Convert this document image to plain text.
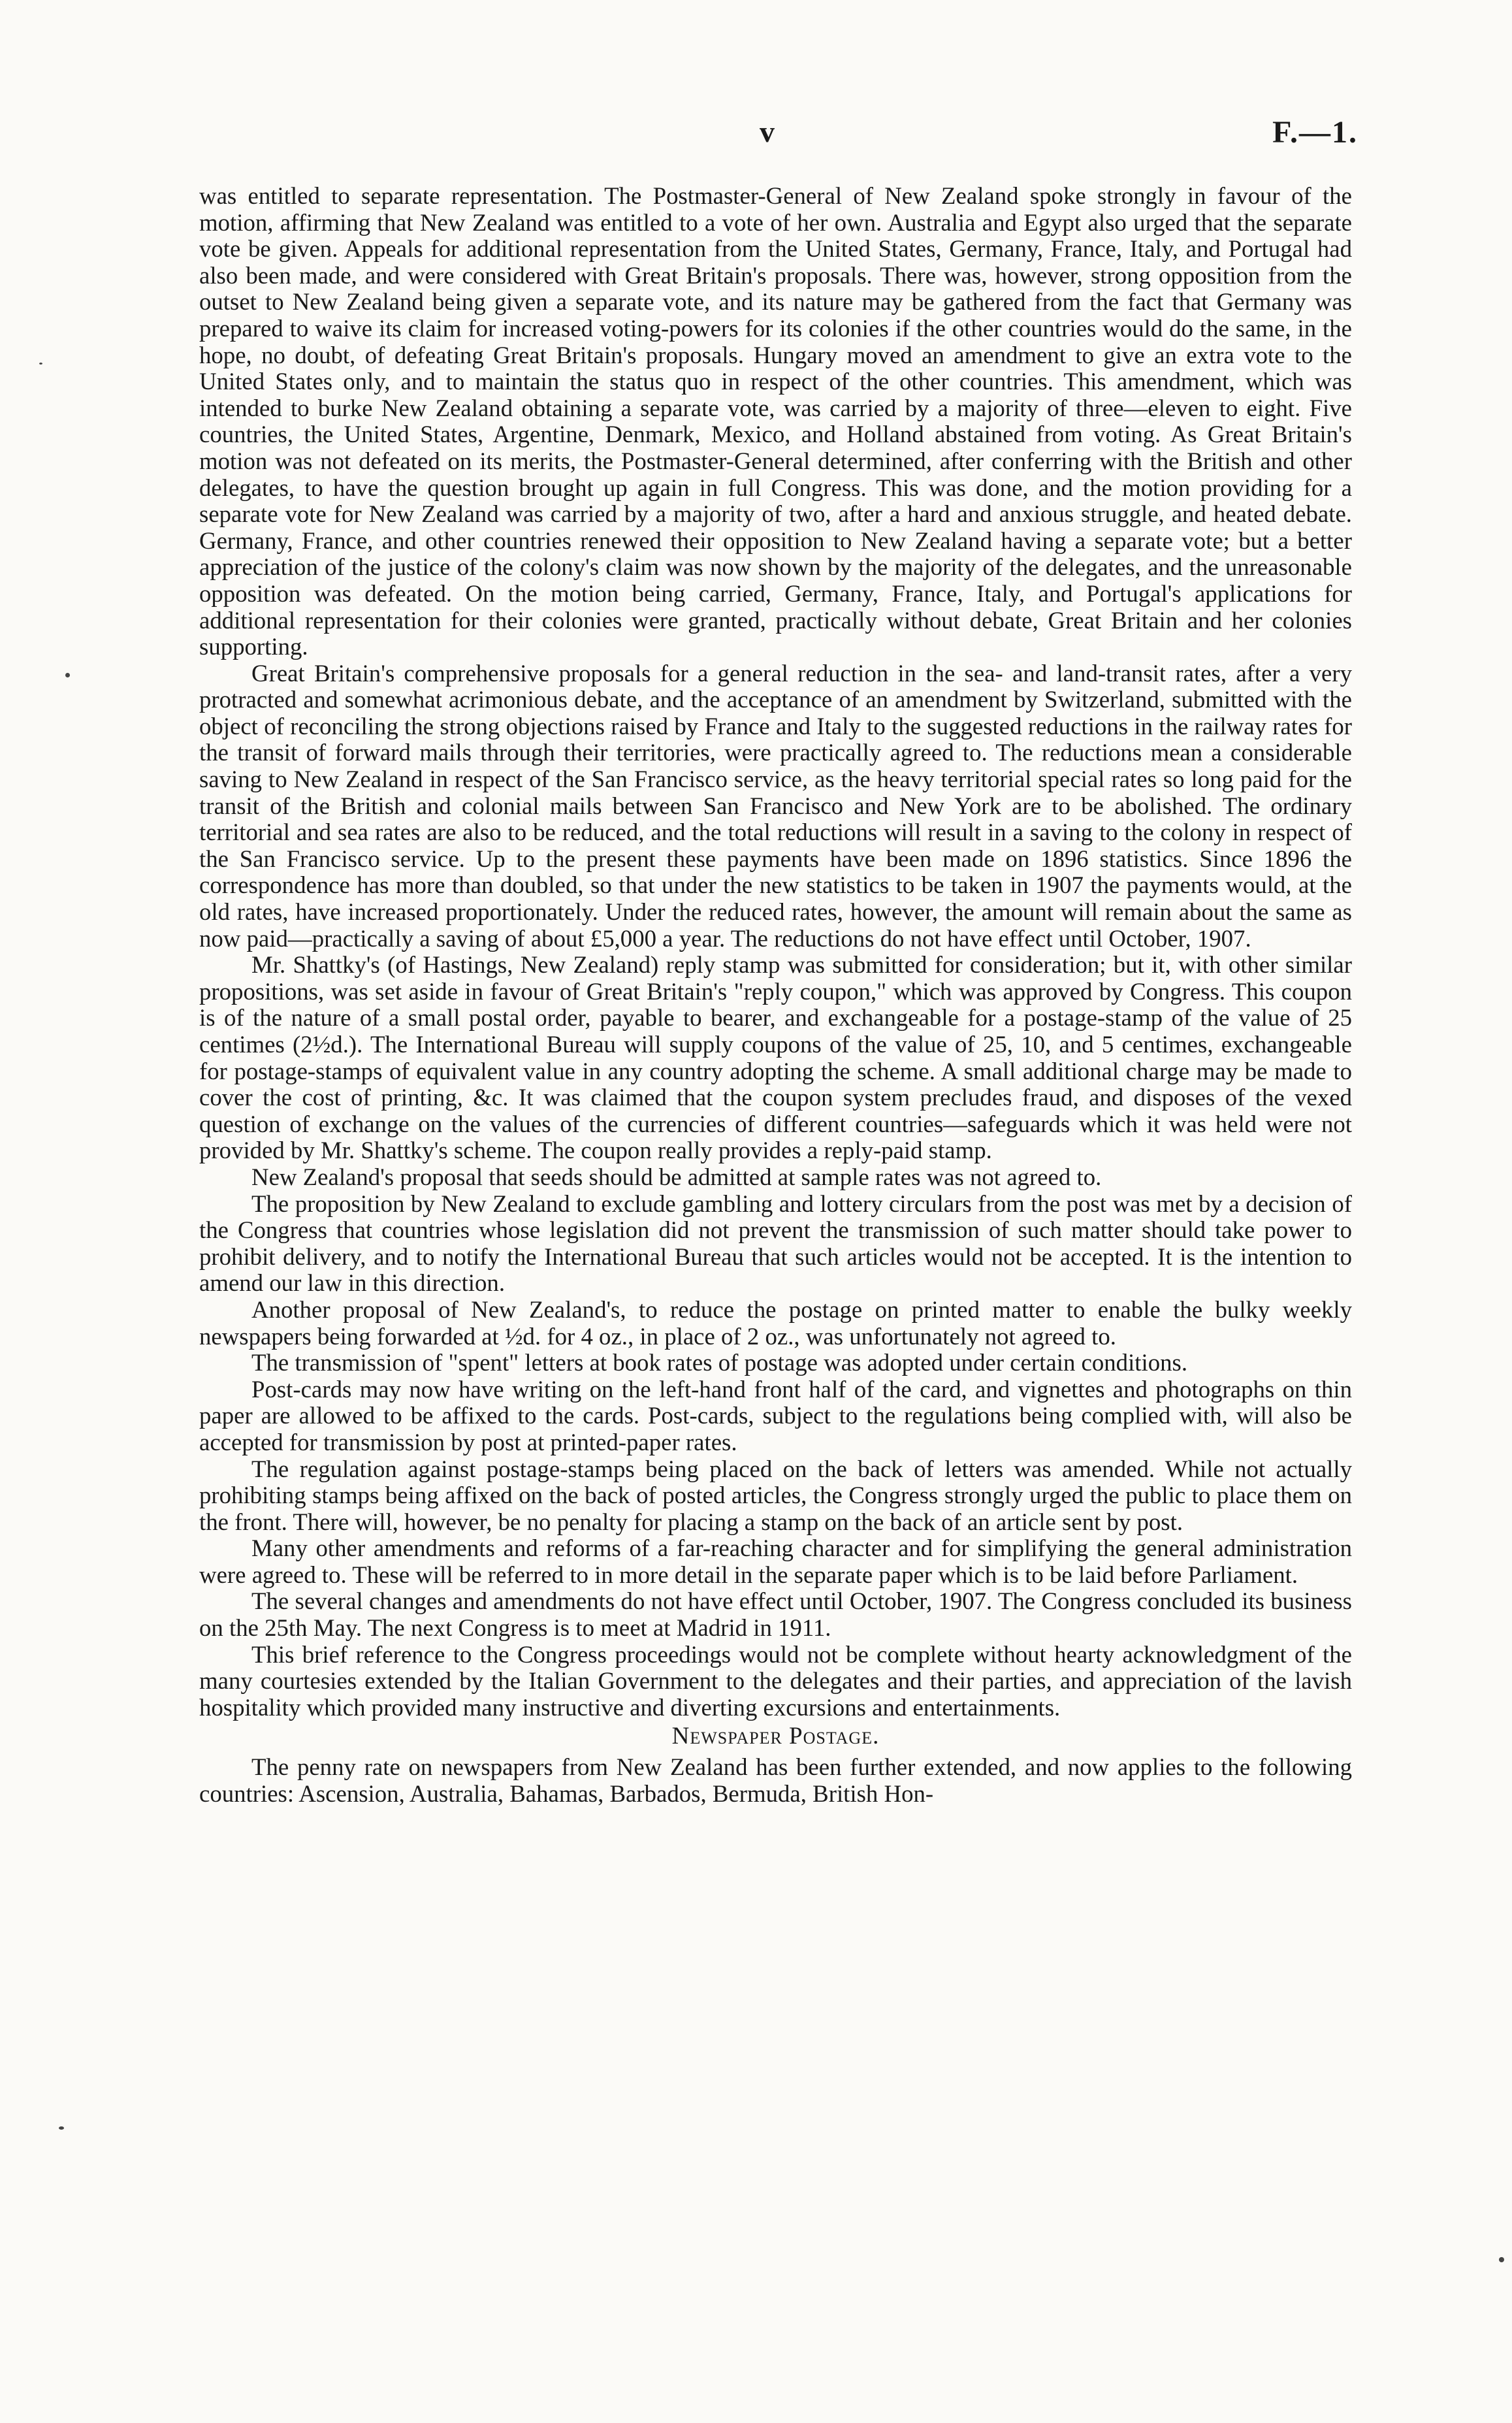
v	F.—1.

was entitled to separate representation. The Postmaster-General of New Zealand spoke strongly in favour of the motion, affirming that New Zealand was entitled to a vote of her own. Australia and Egypt also urged that the separate vote be given. Appeals for additional representation from the United States, Germany, France, Italy, and Portugal had also been made, and were considered with Great Britain's proposals. There was, however, strong opposition from the outset to New Zealand being given a separate vote, and its nature may be gathered from the fact that Germany was prepared to waive its claim for increased voting-powers for its colonies if the other countries would do the same, in the hope, no doubt, of defeating Great Britain's proposals. Hungary moved an amendment to give an extra vote to the United States only, and to maintain the status quo in respect of the other countries. This amendment, which was intended to burke New Zealand obtaining a separate vote, was carried by a majority of three—eleven to eight. Five countries, the United States, Argentine, Denmark, Mexico, and Holland abstained from voting. As Great Britain's motion was not defeated on its merits, the Postmaster-General determined, after conferring with the British and other delegates, to have the question brought up again in full Congress. This was done, and the motion providing for a separate vote for New Zealand was carried by a majority of two, after a hard and anxious struggle, and heated debate. Germany, France, and other countries renewed their opposition to New Zealand having a separate vote; but a better appreciation of the justice of the colony's claim was now shown by the majority of the delegates, and the unreasonable opposition was defeated. On the motion being carried, Germany, France, Italy, and Portugal's applications for additional representation for their colonies were granted, practically without debate, Great Britain and her colonies supporting.

Great Britain's comprehensive proposals for a general reduction in the sea- and land-transit rates, after a very protracted and somewhat acrimonious debate, and the acceptance of an amendment by Switzerland, submitted with the object of reconciling the strong objections raised by France and Italy to the suggested reductions in the railway rates for the transit of forward mails through their territories, were practically agreed to. The reductions mean a considerable saving to New Zealand in respect of the San Francisco service, as the heavy territorial special rates so long paid for the transit of the British and colonial mails between San Francisco and New York are to be abolished. The ordinary territorial and sea rates are also to be reduced, and the total reductions will result in a saving to the colony in respect of the San Francisco service. Up to the present these payments have been made on 1896 statistics. Since 1896 the correspondence has more than doubled, so that under the new statistics to be taken in 1907 the payments would, at the old rates, have increased proportionately. Under the reduced rates, however, the amount will remain about the same as now paid—practically a saving of about £5,000 a year. The reductions do not have effect until October, 1907.

Mr. Shattky's (of Hastings, New Zealand) reply stamp was submitted for consideration; but it, with other similar propositions, was set aside in favour of Great Britain's "reply coupon," which was approved by Congress. This coupon is of the nature of a small postal order, payable to bearer, and exchangeable for a postage-stamp of the value of 25 centimes (2½d.). The International Bureau will supply coupons of the value of 25, 10, and 5 centimes, exchangeable for postage-stamps of equivalent value in any country adopting the scheme. A small additional charge may be made to cover the cost of printing, &c. It was claimed that the coupon system precludes fraud, and disposes of the vexed question of exchange on the values of the currencies of different countries—safeguards which it was held were not provided by Mr. Shattky's scheme. The coupon really provides a reply-paid stamp.

New Zealand's proposal that seeds should be admitted at sample rates was not agreed to.

The proposition by New Zealand to exclude gambling and lottery circulars from the post was met by a decision of the Congress that countries whose legislation did not prevent the transmission of such matter should take power to prohibit delivery, and to notify the International Bureau that such articles would not be accepted. It is the intention to amend our law in this direction.

Another proposal of New Zealand's, to reduce the postage on printed matter to enable the bulky weekly newspapers being forwarded at ½d. for 4 oz., in place of 2 oz., was unfortunately not agreed to.

The transmission of "spent" letters at book rates of postage was adopted under certain conditions.

Post-cards may now have writing on the left-hand front half of the card, and vignettes and photographs on thin paper are allowed to be affixed to the cards. Post-cards, subject to the regulations being complied with, will also be accepted for transmission by post at printed-paper rates.

The regulation against postage-stamps being placed on the back of letters was amended. While not actually prohibiting stamps being affixed on the back of posted articles, the Congress strongly urged the public to place them on the front. There will, however, be no penalty for placing a stamp on the back of an article sent by post.

Many other amendments and reforms of a far-reaching character and for simplifying the general administration were agreed to. These will be referred to in more detail in the separate paper which is to be laid before Parliament.

The several changes and amendments do not have effect until October, 1907. The Congress concluded its business on the 25th May. The next Congress is to meet at Madrid in 1911.

This brief reference to the Congress proceedings would not be complete without hearty acknowledgment of the many courtesies extended by the Italian Government to the delegates and their parties, and appreciation of the lavish hospitality which provided many instructive and diverting excursions and entertainments.

Newspaper Postage.

The penny rate on newspapers from New Zealand has been further extended, and now applies to the following countries: Ascension, Australia, Bahamas, Barbados, Bermuda, British Hon-
